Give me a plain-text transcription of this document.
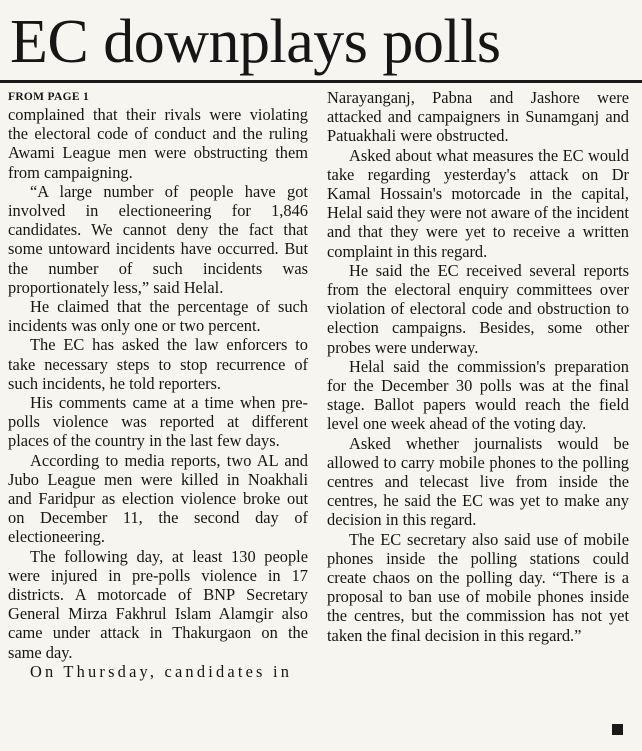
EC downplays polls
FROM PAGE 1

complained that their rivals were violating the electoral code of conduct and the ruling Awami League men were obstructing them from campaigning.

“A large number of people have got involved in electioneering for 1,846 candidates. We cannot deny the fact that some untoward incidents have occurred. But the number of such incidents was proportionately less,” said Helal.

He claimed that the percentage of such incidents was only one or two percent.

The EC has asked the law enforcers to take necessary steps to stop recurrence of such incidents, he told reporters.

His comments came at a time when pre-polls violence was reported at different places of the country in the last few days.

According to media reports, two AL and Jubo League men were killed in Noakhali and Faridpur as election violence broke out on December 11, the second day of electioneering.

The following day, at least 130 people were injured in pre-polls violence in 17 districts. A motorcade of BNP Secretary General Mirza Fakhrul Islam Alamgir also came under attack in Thakurgaon on the same day.

On Thursday, candidates in

Narayanganj, Pabna and Jashore were attacked and campaigners in Sunamganj and Patuakhali were obstructed.

Asked about what measures the EC would take regarding yesterday's attack on Dr Kamal Hossain's motorcade in the capital, Helal said they were not aware of the incident and that they were yet to receive a written complaint in this regard.

He said the EC received several reports from the electoral enquiry committees over violation of electoral code and obstruction to election campaigns. Besides, some other probes were underway.

Helal said the commission's preparation for the December 30 polls was at the final stage. Ballot papers would reach the field level one week ahead of the voting day.

Asked whether journalists would be allowed to carry mobile phones to the polling centres and telecast live from inside the centres, he said the EC was yet to make any decision in this regard.

The EC secretary also said use of mobile phones inside the polling stations could create chaos on the polling day. “There is a proposal to ban use of mobile phones inside the centres, but the commission has not yet taken the final decision in this regard.”
